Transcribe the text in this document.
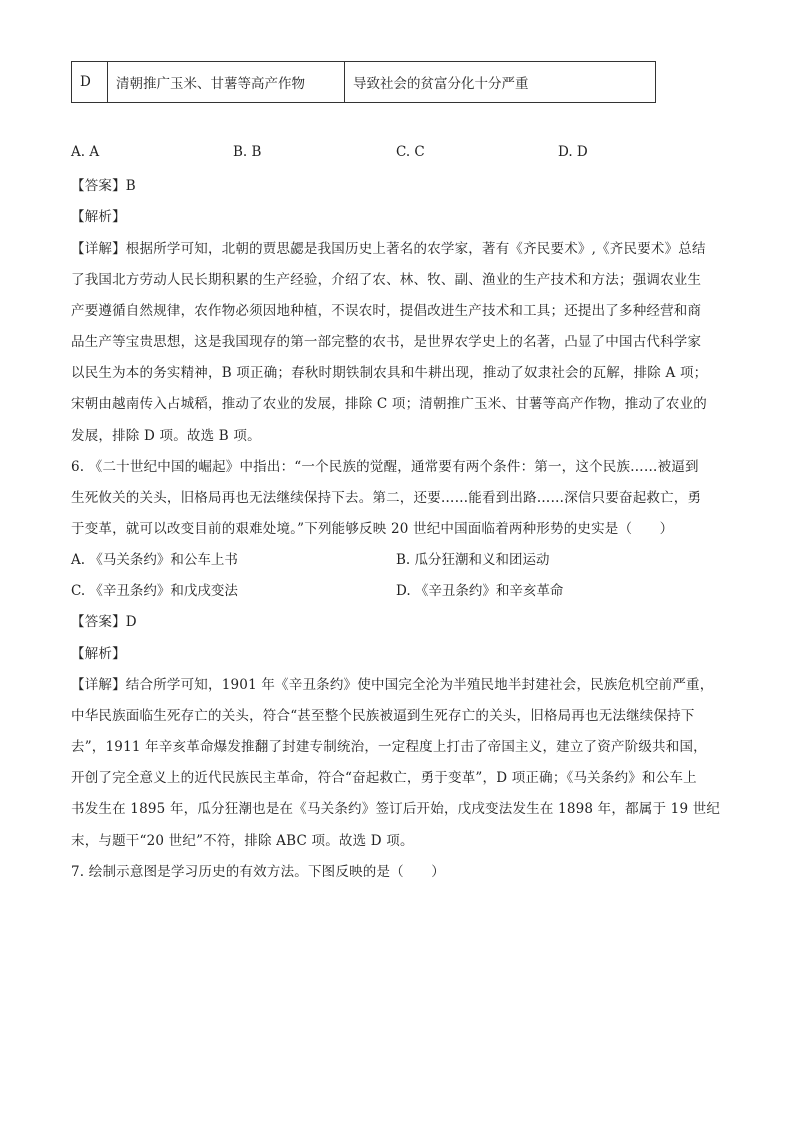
D	清朝推广玉米、甘薯等高产作物	导致社会的贫富分化十分严重
A. A	B. B	C. C	D. D
【答案】B
【解析】
【详解】根据所学可知，北朝的贾思勰是我国历史上著名的农学家，著有《齐民要术》,《齐民要术》总结
了我国北方劳动人民长期积累的生产经验，介绍了农、林、牧、副、渔业的生产技术和方法；强调农业生
产要遵循自然规律，农作物必须因地种植，不误农时，提倡改进生产技术和工具；还提出了多种经营和商
品生产等宝贵思想，这是我国现存的第一部完整的农书，是世界农学史上的名著，凸显了中国古代科学家
以民生为本的务实精神，B 项正确；春秋时期铁制农具和牛耕出现，推动了奴隶社会的瓦解，排除 A 项；
宋朝由越南传入占城稻，推动了农业的发展，排除 C 项；清朝推广玉米、甘薯等高产作物，推动了农业的
发展，排除 D 项。故选 B 项。
6. 《二十世纪中国的崛起》中指出：“一个民族的觉醒，通常要有两个条件：第一，这个民族……被逼到
生死攸关的关头，旧格局再也无法继续保持下去。第二，还要……能看到出路……深信只要奋起救亡，勇
于变革，就可以改变目前的艰难处境。”下列能够反映 20 世纪中国面临着两种形势的史实是（　　）
A. 《马关条约》和公车上书	B. 瓜分狂潮和义和团运动
C. 《辛丑条约》和戊戌变法	D. 《辛丑条约》和辛亥革命
【答案】D
【解析】
【详解】结合所学可知，1901 年《辛丑条约》使中国完全沦为半殖民地半封建社会，民族危机空前严重，
中华民族面临生死存亡的关头，符合“甚至整个民族被逼到生死存亡的关头，旧格局再也无法继续保持下
去”，1911 年辛亥革命爆发推翻了封建专制统治，一定程度上打击了帝国主义，建立了资产阶级共和国，
开创了完全意义上的近代民族民主革命，符合“奋起救亡，勇于变革”，D 项正确；《马关条约》和公车上
书发生在 1895 年，瓜分狂潮也是在《马关条约》签订后开始，戊戌变法发生在 1898 年，都属于 19 世纪
末，与题干“20 世纪”不符，排除 ABC 项。故选 D 项。
7. 绘制示意图是学习历史的有效方法。下图反映的是（　　）
